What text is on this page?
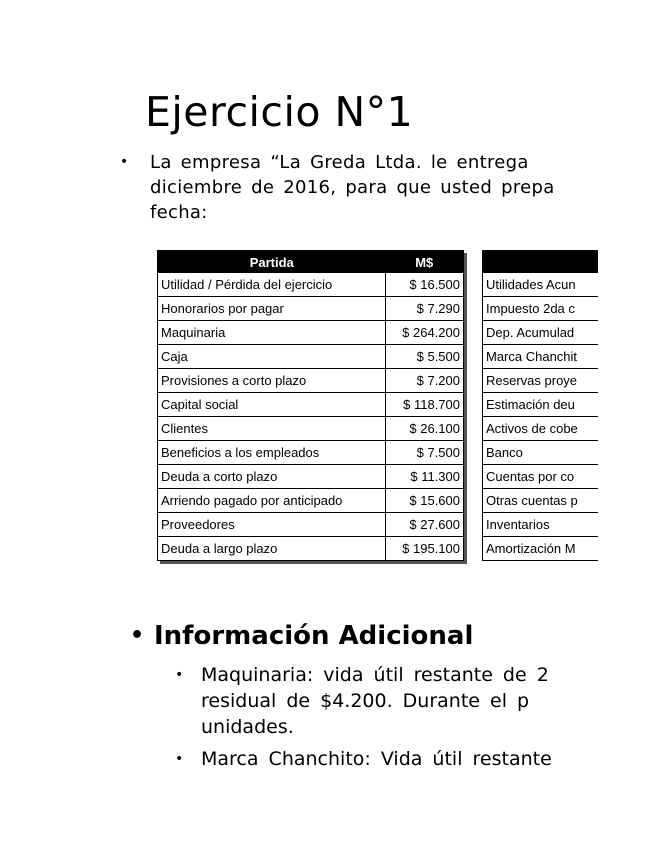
Ejercicio N°1
•	La empresa “La Greda Ltda. le entrega
diciembre de 2016, para que usted prepa
fecha:
Partida	M$
Utilidad / Pérdida del ejercicio	$ 16.500
Honorarios por pagar	$ 7.290
Maquinaria	$ 264.200
Caja	$ 5.500
Provisiones a corto plazo	$ 7.200
Capital social	$ 118.700
Clientes	$ 26.100
Beneficios a los empleados	$ 7.500
Deuda a corto plazo	$ 11.300
Arriendo pagado por anticipado	$ 15.600
Proveedores	$ 27.600
Deuda a largo plazo	$ 195.100

Utilidades Acun
Impuesto 2da c
Dep. Acumulad
Marca Chanchit
Reservas proye
Estimación deu
Activos de cobe
Banco
Cuentas por co
Otras cuentas p
Inventarios
Amortización M
• Información Adicional
• Maquinaria: vida útil restante de 2
residual de $4.200. Durante el p
unidades.
• Marca Chanchito: Vida útil restante
